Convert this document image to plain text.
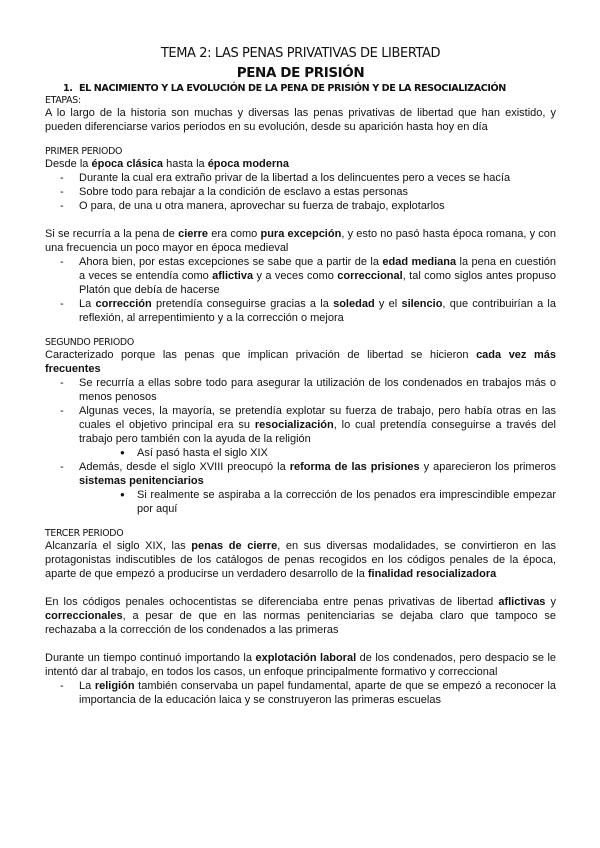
TEMA 2: LAS PENAS PRIVATIVAS DE LIBERTAD
PENA DE PRISIÓN
1. EL NACIMIENTO Y LA EVOLUCIÓN DE LA PENA DE PRISIÓN Y DE LA RESOCIALIZACIÓN
ETAPAS:

A lo largo de la historia son muchas y diversas las penas privativas de libertad que han existido, y pueden diferenciarse varios periodos en su evolución, desde su aparición hasta hoy en día

PRIMER PERIODO

Desde la época clásica hasta la época moderna

- Durante la cual era extraño privar de la libertad a los delincuentes pero a veces se hacía
- Sobre todo para rebajar a la condición de esclavo a estas personas
- O para, de una u otra manera, aprovechar su fuerza de trabajo, explotarlos

Si se recurría a la pena de cierre era como pura excepción, y esto no pasó hasta época romana, y con una frecuencia un poco mayor en época medieval

- Ahora bien, por estas excepciones se sabe que a partir de la edad mediana la pena en cuestión a veces se entendía como aflictiva y a veces como correccional, tal como siglos antes propuso Platón que debía de hacerse
- La corrección pretendía conseguirse gracias a la soledad y el silencio, que contribuirían a la reflexión, al arrepentimiento y a la corrección o mejora
SEGUNDO PERIODO

Caracterizado porque las penas que implican privación de libertad se hicieron cada vez más frecuentes

- Se recurría a ellas sobre todo para asegurar la utilización de los condenados en trabajos más o menos penosos
- Algunas veces, la mayoría, se pretendía explotar su fuerza de trabajo, pero había otras en las cuales el objetivo principal era su resocialización, lo cual pretendía conseguirse a través del trabajo pero también con la ayuda de la religión
● Así pasó hasta el siglo XIX
- Además, desde el siglo XVIII preocupó la reforma de las prisiones y aparecieron los primeros sistemas penitenciarios
● Si realmente se aspiraba a la corrección de los penados era imprescindible empezar por aquí
TERCER PERIODO

Alcanzaría el siglo XIX, las penas de cierre, en sus diversas modalidades, se convirtieron en las protagonistas indiscutibles de los catálogos de penas recogidos en los códigos penales de la época, aparte de que empezó a producirse un verdadero desarrollo de la finalidad resocializadora

En los códigos penales ochocentistas se diferenciaba entre penas privativas de libertad aflictivas y correccionales, a pesar de que en las normas penitenciarias se dejaba claro que tampoco se rechazaba a la corrección de los condenados a las primeras

Durante un tiempo continuó importando la explotación laboral de los condenados, pero despacio se le intentó dar al trabajo, en todos los casos, un enfoque principalmente formativo y correccional

- La religión también conservaba un papel fundamental, aparte de que se empezó a reconocer la importancia de la educación laica y se construyeron las primeras escuelas
